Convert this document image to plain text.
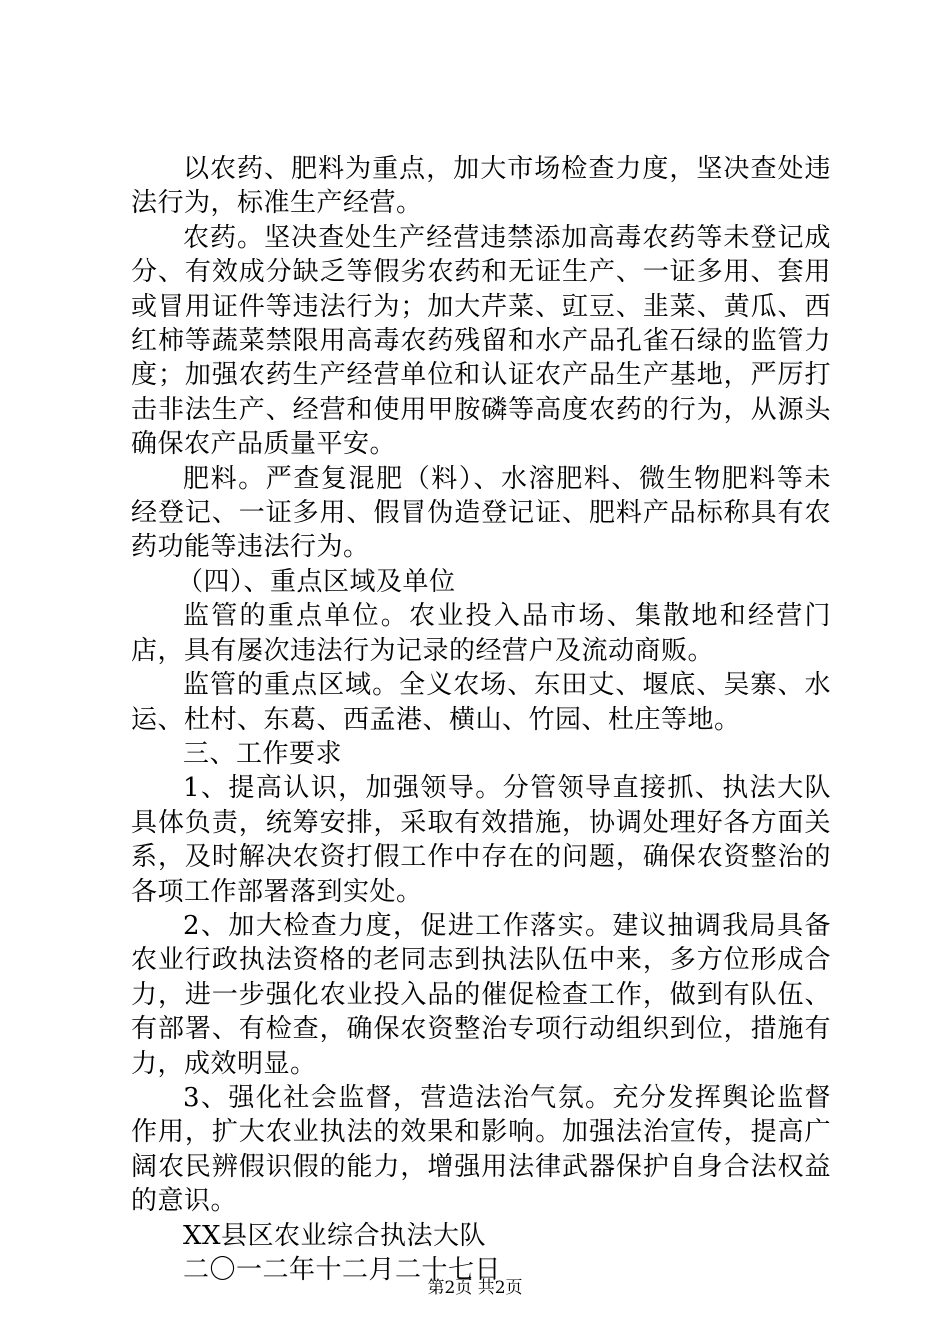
以农药、肥料为重点，加大市场检查力度，坚决查处违法行为，标准生产经营。

农药。坚决查处生产经营违禁添加高毒农药等未登记成分、有效成分缺乏等假劣农药和无证生产、一证多用、套用或冒用证件等违法行为；加大芹菜、豇豆、韭菜、黄瓜、西红柿等蔬菜禁限用高毒农药残留和水产品孔雀石绿的监管力度；加强农药生产经营单位和认证农产品生产基地，严厉打击非法生产、经营和使用甲胺磷等高度农药的行为，从源头确保农产品质量平安。

肥料。严查复混肥（料）、水溶肥料、微生物肥料等未经登记、一证多用、假冒伪造登记证、肥料产品标称具有农药功能等违法行为。

（四）、重点区域及单位

监管的重点单位。农业投入品市场、集散地和经营门店，具有屡次违法行为记录的经营户及流动商贩。

监管的重点区域。全义农场、东田丈、堰底、吴寨、水运、杜村、东葛、西孟港、横山、竹园、杜庄等地。

三、工作要求

1、提高认识，加强领导。分管领导直接抓、执法大队具体负责，统筹安排，采取有效措施，协调处理好各方面关系，及时解决农资打假工作中存在的问题，确保农资整治的各项工作部署落到实处。

2、加大检查力度，促进工作落实。建议抽调我局具备农业行政执法资格的老同志到执法队伍中来，多方位形成合力，进一步强化农业投入品的催促检查工作，做到有队伍、有部署、有检查，确保农资整治专项行动组织到位，措施有力，成效明显。

3、强化社会监督，营造法治气氛。充分发挥舆论监督作用，扩大农业执法的效果和影响。加强法治宣传，提高广阔农民辨假识假的能力，增强用法律武器保护自身合法权益的意识。

XX县区农业综合执法大队

二〇一二年十二月二十七日

第2页 共2页
